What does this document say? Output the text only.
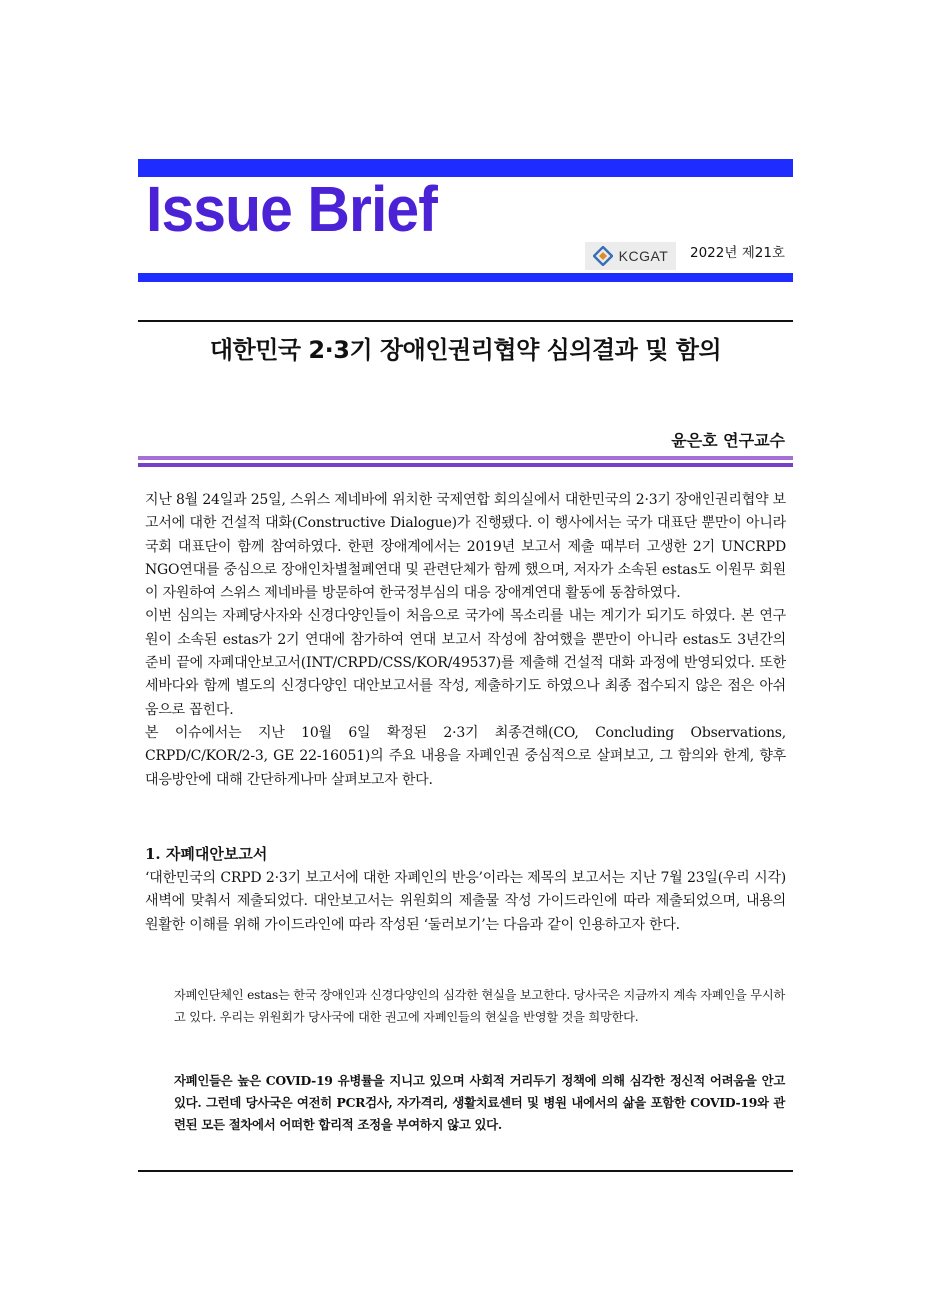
Issue Brief
KCGAT 2022년 제21호
대한민국 2·3기 장애인권리협약 심의결과 및 함의
윤은호 연구교수

지난 8월 24일과 25일, 스위스 제네바에 위치한 국제연합 회의실에서 대한민국의 2·3기 장애인권리협약 보고서에 대한 건설적 대화(Constructive Dialogue)가 진행됐다. 이 행사에서는 국가 대표단 뿐만이 아니라 국회 대표단이 함께 참여하였다. 한편 장애계에서는 2019년 보고서 제출 때부터 고생한 2기 UNCRPD NGO연대를 중심으로 장애인차별철폐연대 및 관련단체가 함께 했으며, 저자가 소속된 estas도 이원무 회원이 자원하여 스위스 제네바를 방문하여 한국정부심의 대응 장애계연대 활동에 동참하였다.

이번 심의는 자폐당사자와 신경다양인들이 처음으로 국가에 목소리를 내는 계기가 되기도 하였다. 본 연구원이 소속된 estas가 2기 연대에 참가하여 연대 보고서 작성에 참여했을 뿐만이 아니라 estas도 3년간의 준비 끝에 자폐대안보고서(INT/CRPD/CSS/KOR/49537)를 제출해 건설적 대화 과정에 반영되었다. 또한 세바다와 함께 별도의 신경다양인 대안보고서를 작성, 제출하기도 하였으나 최종 접수되지 않은 점은 아쉬움으로 꼽힌다.

본 이슈에서는 지난 10월 6일 확정된 2·3기 최종견해(CO, Concluding Observations, CRPD/C/KOR/2-3, GE 22-16051)의 주요 내용을 자폐인권 중심적으로 살펴보고, 그 함의와 한계, 향후 대응방안에 대해 간단하게나마 살펴보고자 한다.

1. 자폐대안보고서
‘대한민국의 CRPD 2·3기 보고서에 대한 자폐인의 반응’이라는 제목의 보고서는 지난 7월 23일(우리 시각) 새벽에 맞춰서 제출되었다. 대안보고서는 위원회의 제출물 작성 가이드라인에 따라 제출되었으며, 내용의 원활한 이해를 위해 가이드라인에 따라 작성된 ‘둘러보기’는 다음과 같이 인용하고자 한다.
자폐인단체인 estas는 한국 장애인과 신경다양인의 심각한 현실을 보고한다. 당사국은 지금까지 계속 자폐인을 무시하고 있다. 우리는 위원회가 당사국에 대한 권고에 자폐인들의 현실을 반영할 것을 희망한다.
자폐인들은 높은 COVID-19 유병률을 지니고 있으며 사회적 거리두기 정책에 의해 심각한 정신적 어려움을 안고 있다. 그런데 당사국은 여전히 PCR검사, 자가격리, 생활치료센터 및 병원 내에서의 삶을 포함한 COVID-19와 관련된 모든 절차에서 어떠한 합리적 조정을 부여하지 않고 있다.
